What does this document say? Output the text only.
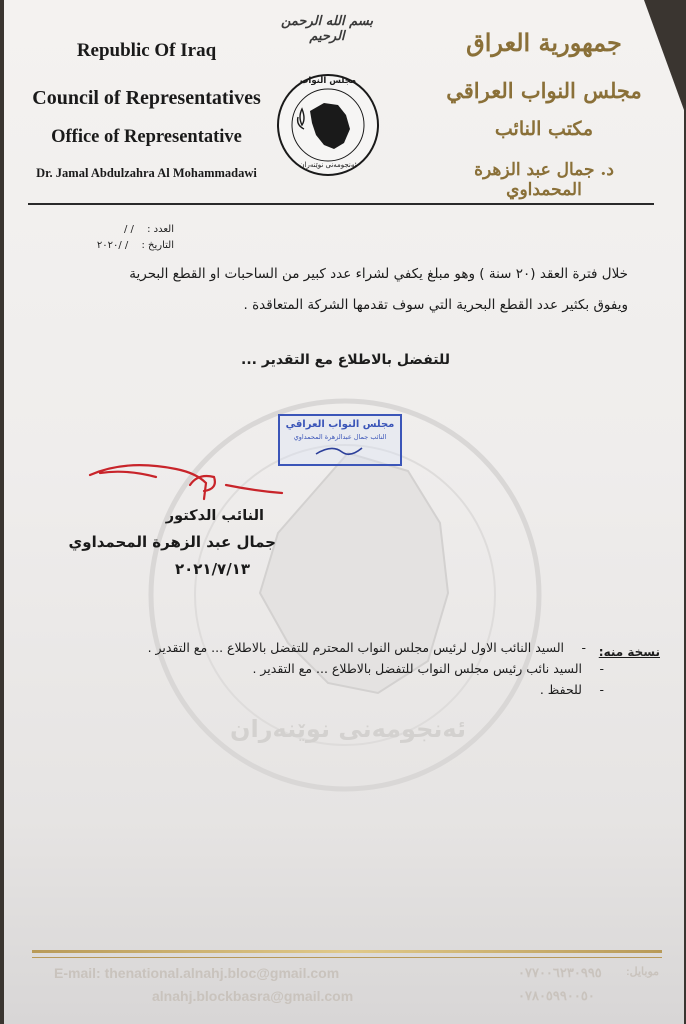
Republic Of Iraq
Council of Representatives
Office of Representative
Dr. Jamal Abdulzahra Al Mohammadawi
بسم الله الرحمن الرحيم
مجلس النواب
ئەنجومەنی نوێنەران
جمهورية العراق
مجلس النواب العراقي
مكتب النائب
د. جمال عبد الزهرة المحمداوي
العدد : / /
التاريخ : / /٢٠٢٠
خلال فترة العقد (٢٠ سنة ) وهو مبلغ يكفي لشراء عدد كبير من الساحبات او القطع البحرية
ويفوق بكثير عدد القطع البحرية التي سوف تقدمها الشركة المتعاقدة .
للتفضل بالاطلاع مع التقدير ...
ئەنجومەنی نوێنەران
مجلس النواب العراقي
النائب جمال عبدالزهرة المحمداوي
النائب الدكتور
جمال عبد الزهرة المحمداوي
٢٠٢١/٧/١٣
نسخة منه:
-
السيد النائب الاول لرئيس مجلس النواب المحترم للتفضل بالاطلاع ... مع التقدير .
-
السيد نائب رئيس مجلس النواب للتفضل بالاطلاع ... مع التقدير .
-
للحفظ .
E-mail: thenational.alnahj.bloc@gmail.com
alnahj.blockbasra@gmail.com
موبايل:
٠٧٧٠٠٦٢٣٠٩٩٥
٠٧٨٠٥٩٩٠٠٥٠
